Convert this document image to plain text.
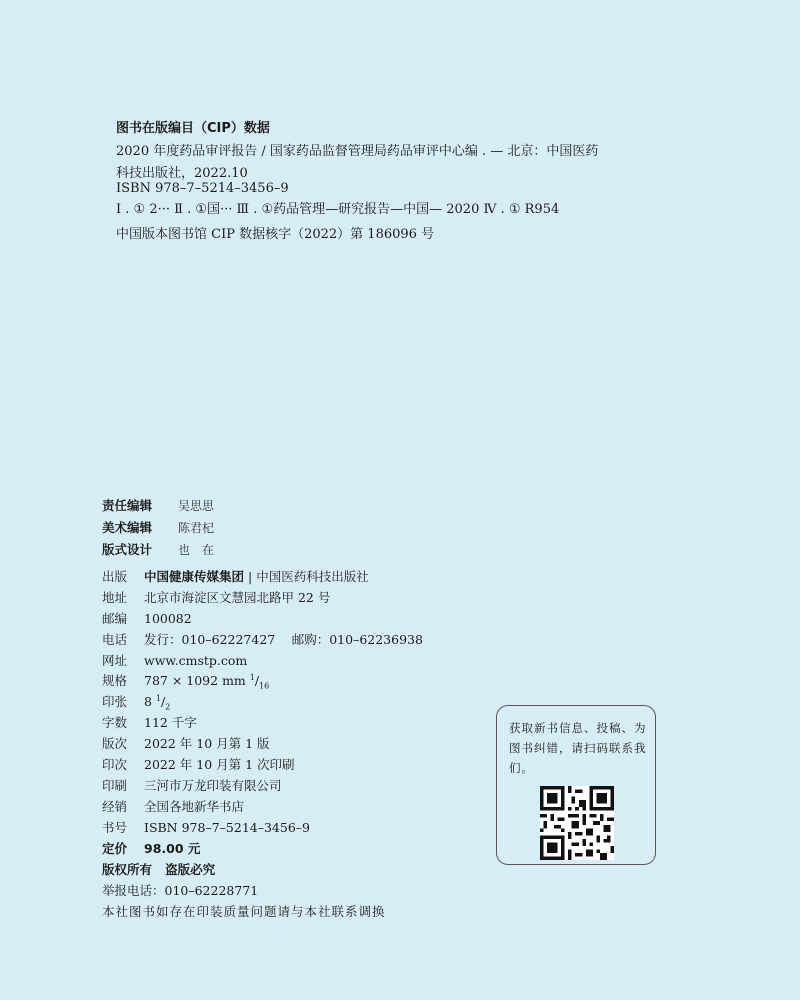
图书在版编目（CIP）数据
2020 年度药品审评报告 / 国家药品监督管理局药品审评中心编 . — 北京：中国医药
科技出版社，2022.10
ISBN 978–7–5214–3456–9
Ⅰ . ① 2··· Ⅱ . ①国··· Ⅲ . ①药品管理—研究报告—中国— 2020 Ⅳ . ① R954
中国版本图书馆 CIP 数据核字（2022）第 186096 号
责任编辑 吴思思
美术编辑 陈君杞
版式设计 也　在
出版 中国健康传媒集团 | 中国医药科技出版社
地址 北京市海淀区文慧园北路甲 22 号
邮编 100082
电话 发行：010–62227427　 邮购：010–62236938
网址 www.cmstp.com
规格 787 × 1092 mm $^1/_{16}$
印张 8 $^1/_2$
字数 112 千字
版次 2022 年 10 月第 1 版
印次 2022 年 10 月第 1 次印刷
印刷 三河市万龙印装有限公司
经销 全国各地新华书店
书号 ISBN 978–7–5214–3456–9
定价 98.00 元
版权所有 盗版必究
举报电话：010–62228771
本社图书如存在印装质量问题请与本社联系调换
获取新书信息、投稿、为图书纠错，请扫码联系我们。
